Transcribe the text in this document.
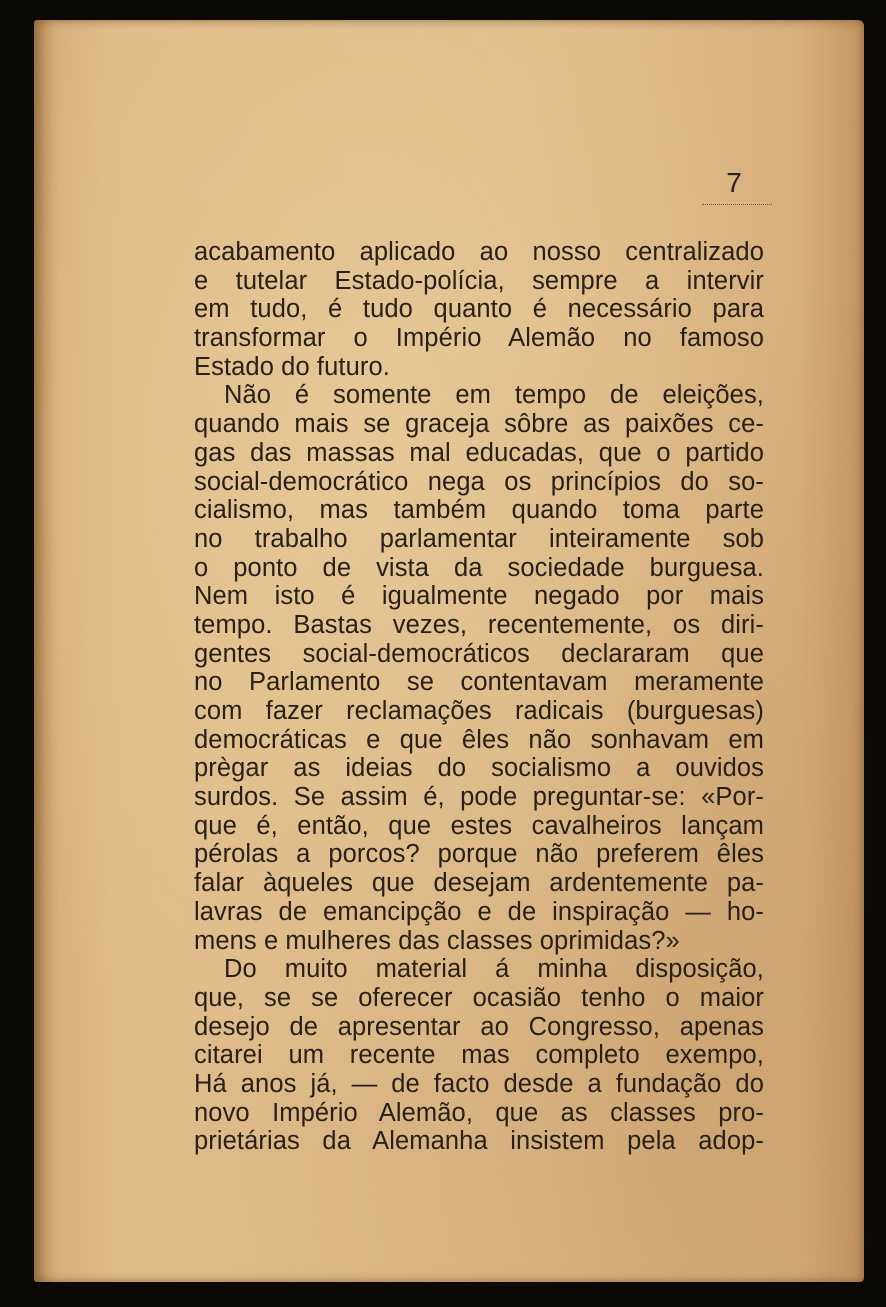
7
acabamento aplicado ao nosso centralizado
e tutelar Estado-polícia, sempre a intervir
em tudo, é tudo quanto é necessário para
transformar o Império Alemão no famoso
Estado do futuro.
Não é somente em tempo de eleições,
quando mais se graceja sôbre as paixões ce-
gas das massas mal educadas, que o partido
social-democrático nega os princípios do so-
cialismo, mas também quando toma parte
no trabalho parlamentar inteiramente sob
o ponto de vista da sociedade burguesa.
Nem isto é igualmente negado por mais
tempo. Bastas vezes, recentemente, os diri-
gentes social-democráticos declararam que
no Parlamento se contentavam meramente
com fazer reclamações radicais (burguesas)
democráticas e que êles não sonhavam em
prègar as ideias do socialismo a ouvidos
surdos. Se assim é, pode preguntar-se: «Por-
que é, então, que estes cavalheiros lançam
pérolas a porcos? porque não preferem êles
falar àqueles que desejam ardentemente pa-
lavras de emancipção e de inspiração — ho-
mens e mulheres das classes oprimidas?»
Do muito material á minha disposição,
que, se se oferecer ocasião tenho o maior
desejo de apresentar ao Congresso, apenas
citarei um recente mas completo exempo,
Há anos já, — de facto desde a fundação do
novo Império Alemão, que as classes pro-
prietárias da Alemanha insistem pela adop-
